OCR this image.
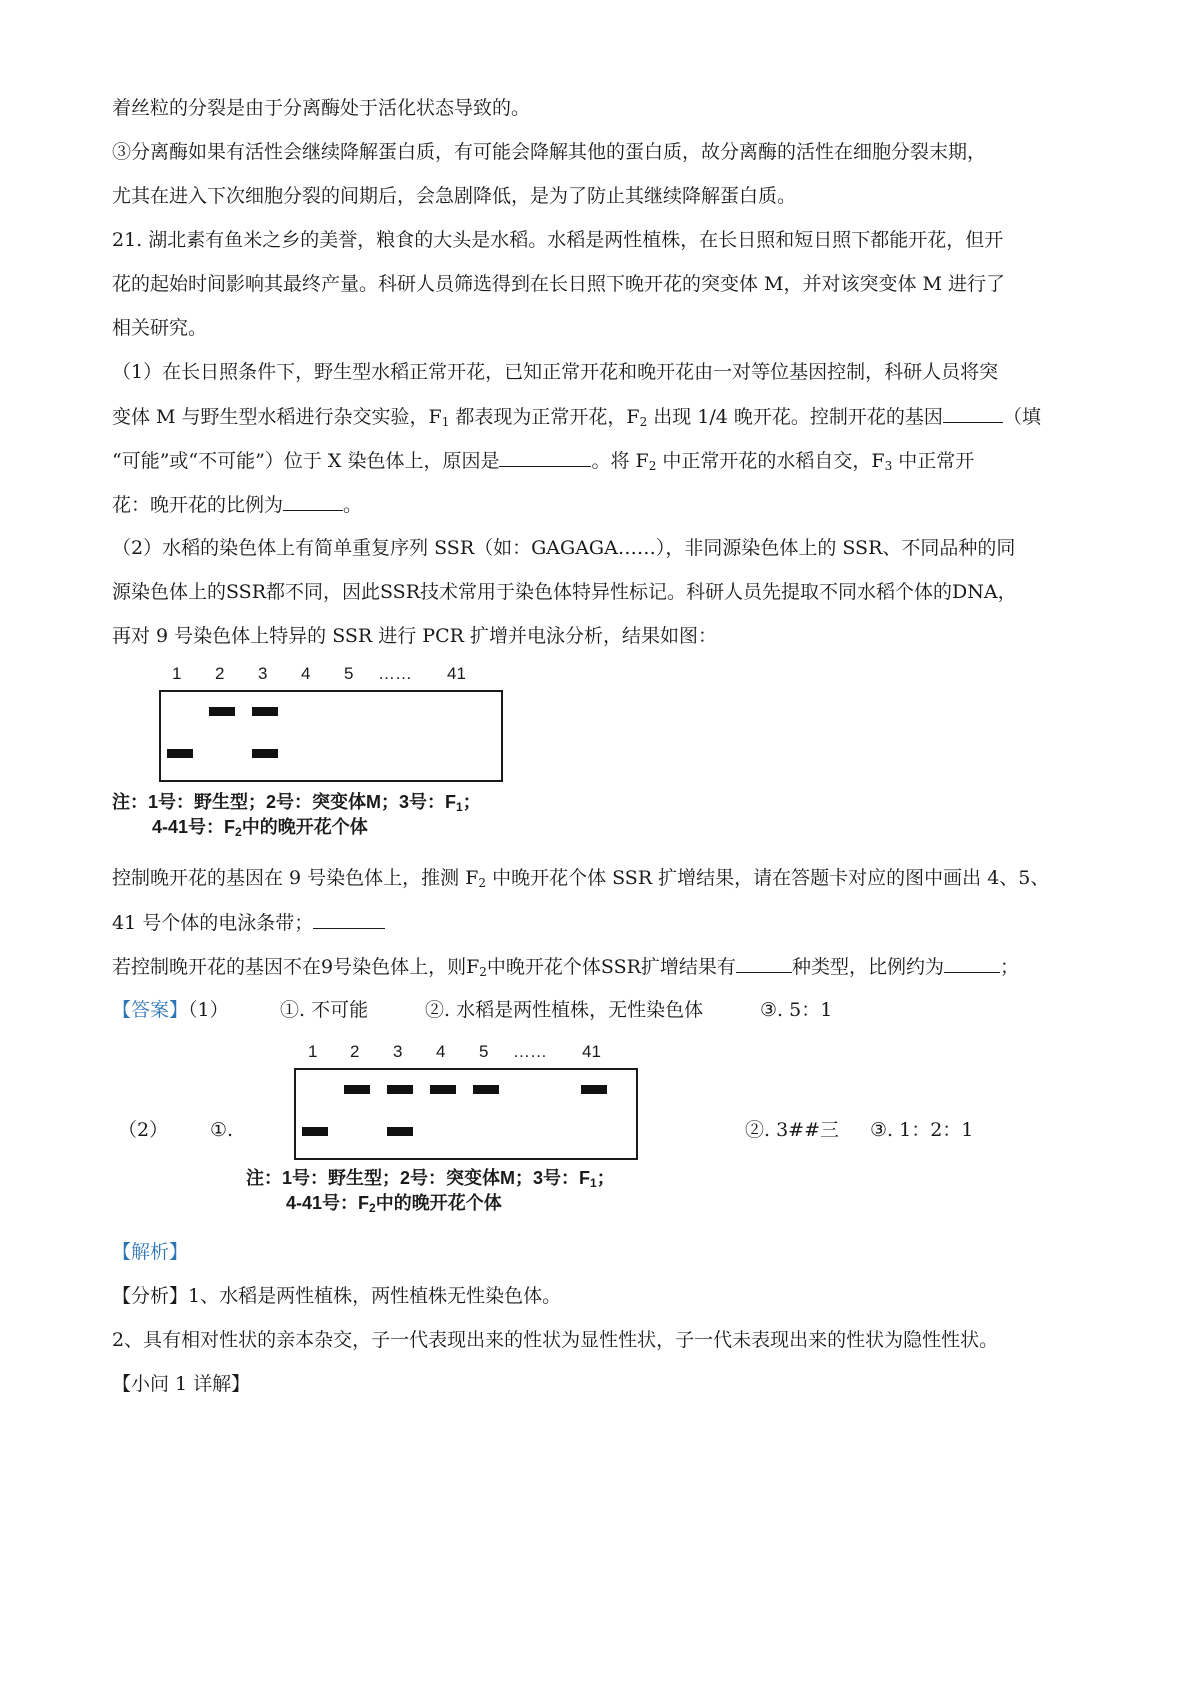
着丝粒的分裂是由于分离酶处于活化状态导致的。
③分离酶如果有活性会继续降解蛋白质，有可能会降解其他的蛋白质，故分离酶的活性在细胞分裂末期，
尤其在进入下次细胞分裂的间期后，会急剧降低，是为了防止其继续降解蛋白质。
21. 湖北素有鱼米之乡的美誉，粮食的大头是水稻。水稻是两性植株，在长日照和短日照下都能开花，但开
花的起始时间影响其最终产量。科研人员筛选得到在长日照下晚开花的突变体 M，并对该突变体 M 进行了
相关研究。
（1）在长日照条件下，野生型水稻正常开花，已知正常开花和晚开花由一对等位基因控制，科研人员将突
变体 M 与野生型水稻进行杂交实验，$F_1$ 都表现为正常开花，$F_2$ 出现 1/4 晚开花。控制开花的基因	（填
“可能”或“不可能”）位于 X 染色体上，原因是	。将 $F_2$ 中正常开花的水稻自交，$F_3$ 中正常开
花：晚开花的比例为	。
（2）水稻的染色体上有简单重复序列 SSR（如：GAGAGA……），非同源染色体上的 SSR、不同品种的同
源染色体上的SSR都不同，因此SSR技术常用于染色体特异性标记。科研人员先提取不同水稻个体的DNA，
再对 9 号染色体上特异的 SSR 进行 PCR 扩增并电泳分析，结果如图：
1 2 3 4 5 …… 41
注：1号：野生型；2号：突变体M；3号：$F_1$；
4-41号：$F_2$中的晚开花个体
控制晚开花的基因在 9 号染色体上，推测 $F_2$ 中晚开花个体 SSR 扩增结果，请在答题卡对应的图中画出 4、5、
41 号个体的电泳条带；
若控制晚开花的基因不在9号染色体上，则$F_2$中晚开花个体SSR扩增结果有	种类型，比例约为	；
【答案】（1）	①. 不可能	②. 水稻是两性植株，无性染色体	③. 5：1
（2） ①.	②. 3##三 ③. 1：2：1
1 2 3 4 5 …… 41
注：1号：野生型；2号：突变体M；3号：$F_1$；
4-41号：$F_2$中的晚开花个体
【解析】
【分析】1、水稻是两性植株，两性植株无性染色体。
2、具有相对性状的亲本杂交，子一代表现出来的性状为显性性状，子一代未表现出来的性状为隐性性状。
【小问 1 详解】
